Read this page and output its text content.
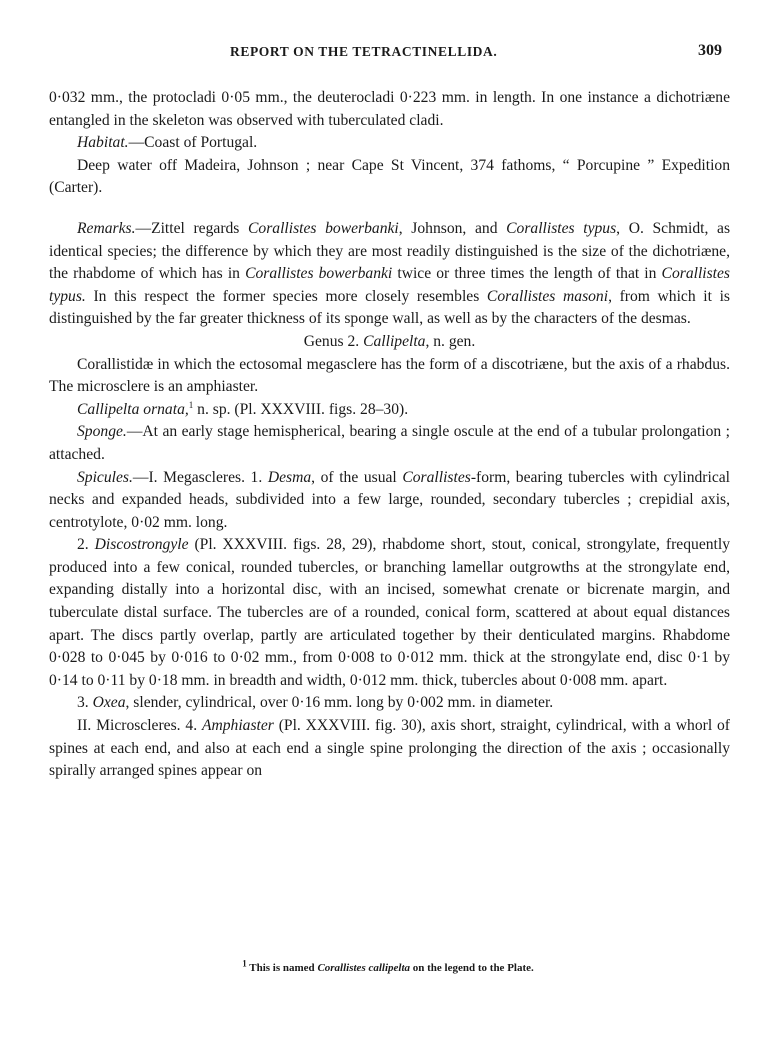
REPORT ON THE TETRACTINELLIDA.	309

0·032 mm., the protocladi 0·05 mm., the deuterocladi 0·223 mm. in length. In one instance a dichotriæne entangled in the skeleton was observed with tuberculated cladi.

Habitat.—Coast of Portugal.

Deep water off Madeira, Johnson ; near Cape St Vincent, 374 fathoms, “ Porcupine ” Expedition (Carter).

Remarks.—Zittel regards Corallistes bowerbanki, Johnson, and Corallistes typus, O. Schmidt, as identical species; the difference by which they are most readily distinguished is the size of the dichotriæne, the rhabdome of which has in Corallistes bowerbanki twice or three times the length of that in Corallistes typus. In this respect the former species more closely resembles Corallistes masoni, from which it is distinguished by the far greater thickness of its sponge wall, as well as by the characters of the desmas.

Genus 2. Callipelta, n. gen.

Corallistidæ in which the ectosomal megasclere has the form of a discotriæne, but the axis of a rhabdus. The microsclere is an amphiaster.

Callipelta ornata,$^1$ n. sp. (Pl. XXXVIII. figs. 28–30).

Sponge.—At an early stage hemispherical, bearing a single oscule at the end of a tubular prolongation ; attached.

Spicules.—I. Megascleres. 1. Desma, of the usual Corallistes-form, bearing tubercles with cylindrical necks and expanded heads, subdivided into a few large, rounded, secondary tubercles ; crepidial axis, centrotylote, 0·02 mm. long.

2. Discostrongyle (Pl. XXXVIII. figs. 28, 29), rhabdome short, stout, conical, strongylate, frequently produced into a few conical, rounded tubercles, or branching lamellar outgrowths at the strongylate end, expanding distally into a horizontal disc, with an incised, somewhat crenate or bicrenate margin, and tuberculate distal surface. The tubercles are of a rounded, conical form, scattered at about equal distances apart. The discs partly overlap, partly are articulated together by their denticulated margins. Rhabdome 0·028 to 0·045 by 0·016 to 0·02 mm., from 0·008 to 0·012 mm. thick at the strongylate end, disc 0·1 by 0·14 to 0·11 by 0·18 mm. in breadth and width, 0·012 mm. thick, tubercles about 0·008 mm. apart.

3. Oxea, slender, cylindrical, over 0·16 mm. long by 0·002 mm. in diameter.

II. Microscleres. 4. Amphiaster (Pl. XXXVIII. fig. 30), axis short, straight, cylindrical, with a whorl of spines at each end, and also at each end a single spine prolonging the direction of the axis ; occasionally spirally arranged spines appear on

$^1$ This is named Corallistes callipelta on the legend to the Plate.
